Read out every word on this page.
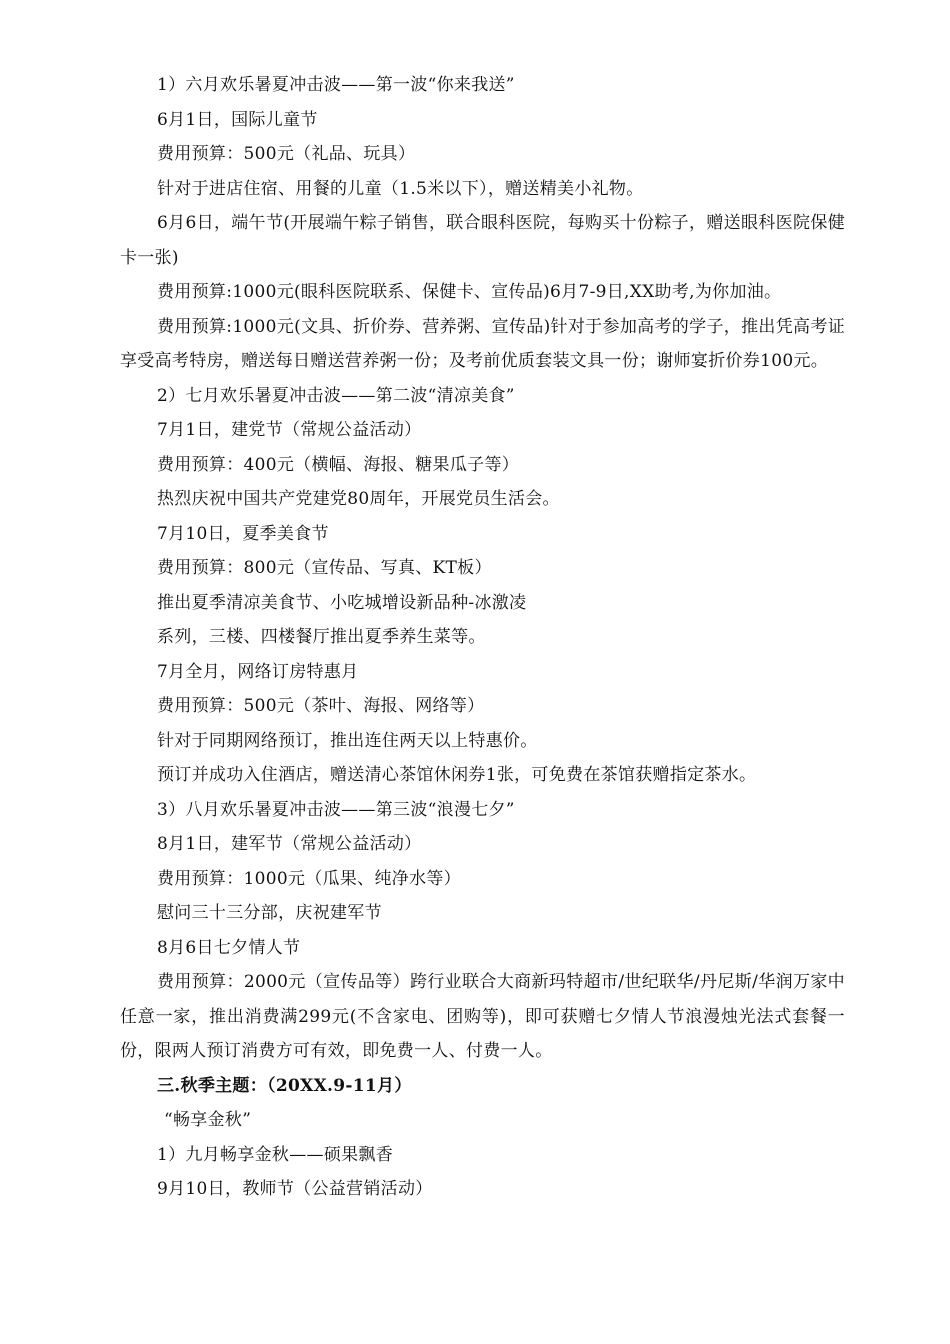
1）六月欢乐暑夏冲击波——第一波“你来我送”
6月1日，国际儿童节
费用预算：500元（礼品、玩具）
针对于进店住宿、用餐的儿童（1.5米以下），赠送精美小礼物。
6月6日，端午节(开展端午粽子销售，联合眼科医院，每购买十份粽子，赠送眼科医院保健卡一张)
费用预算:1000元(眼科医院联系、保健卡、宣传品)6月7-9日,XX助考,为你加油。
费用预算:1000元(文具、折价券、营养粥、宣传品)针对于参加高考的学子，推出凭高考证享受高考特房，赠送每日赠送营养粥一份；及考前优质套装文具一份；谢师宴折价券100元。
2）七月欢乐暑夏冲击波——第二波“清凉美食”
7月1日，建党节（常规公益活动）
费用预算：400元（横幅、海报、糖果瓜子等）
热烈庆祝中国共产党建党80周年，开展党员生活会。
7月10日，夏季美食节
费用预算：800元（宣传品、写真、KT板）
推出夏季清凉美食节、小吃城增设新品种-冰激凌
系列，三楼、四楼餐厅推出夏季养生菜等。
7月全月，网络订房特惠月
费用预算：500元（茶叶、海报、网络等）
针对于同期网络预订，推出连住两天以上特惠价。
预订并成功入住酒店，赠送清心茶馆休闲券1张，可免费在茶馆获赠指定茶水。
3）八月欢乐暑夏冲击波——第三波“浪漫七夕”
8月1日，建军节（常规公益活动）
费用预算：1000元（瓜果、纯净水等）
慰问三十三分部，庆祝建军节
8月6日七夕情人节
费用预算：2000元（宣传品等）跨行业联合大商新玛特超市/世纪联华/丹尼斯/华润万家中任意一家，推出消费满299元(不含家电、团购等)，即可获赠七夕情人节浪漫烛光法式套餐一份，限两人预订消费方可有效，即免费一人、付费一人。
三.秋季主题：（20XX.9-11月）
“畅享金秋”
1）九月畅享金秋——硕果飘香
9月10日，教师节（公益营销活动）
